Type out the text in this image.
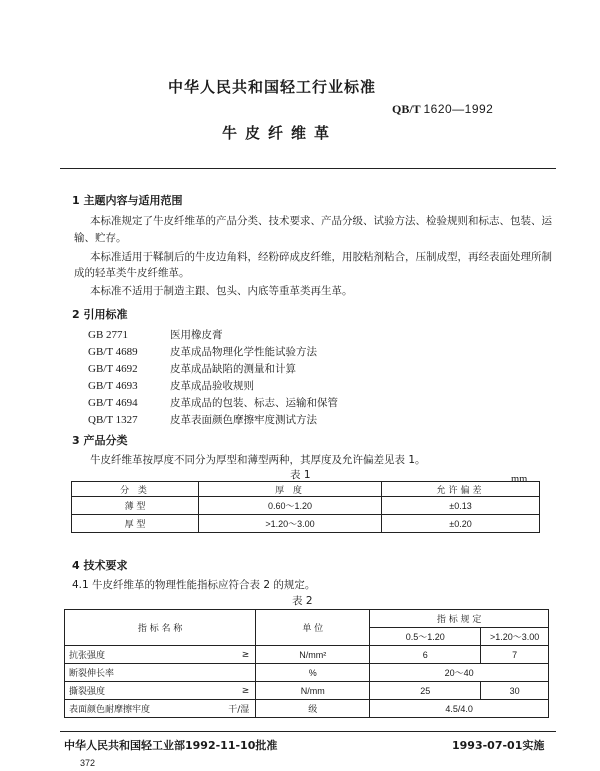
中华人民共和国轻工行业标准
QB/T 1620—1992
牛皮纤维革
1 主题内容与适用范围
本标准规定了牛皮纤维革的产品分类、技术要求、产品分级、试验方法、检验规则和标志、包装、运
输、贮存。
本标准适用于鞣制后的牛皮边角料，经粉碎成皮纤维，用胶粘剂粘合，压制成型，再经表面处理所制
成的轻革类牛皮纤维革。
本标准不适用于制造主跟、包头、内底等重革类再生革。
2 引用标准
GB 2771	医用橡皮膏
GB/T 4689	皮革成品物理化学性能试验方法
GB/T 4692	皮革成品缺陷的测量和计算
GB/T 4693	皮革成品验收规则
GB/T 4694	皮革成品的包装、标志、运输和保管
QB/T 1327	皮革表面颜色摩擦牢度测试方法
3 产品分类
牛皮纤维革按厚度不同分为厚型和薄型两种，其厚度及允许偏差见表 1。
表 1	mm
分 类	厚 度	允许偏差
薄 型	0.60～1.20	±0.13
厚 型	>1.20～3.00	±0.20
4 技术要求
4.1 牛皮纤维革的物理性能指标应符合表 2 的规定。
表 2
指 标 名 称		单 位	指 标 规 定	
			0.5～1.20	>1.20～3.00
抗张强度	≥	N/mm²	6	7
断裂伸长率		%	20～40	
撕裂强度	≥	N/mm	25	30
表面颜色耐摩擦牢度	干/湿	级	4.5/4.0	
中华人民共和国轻工业部1992-11-10批准	1993-07-01实施
372
